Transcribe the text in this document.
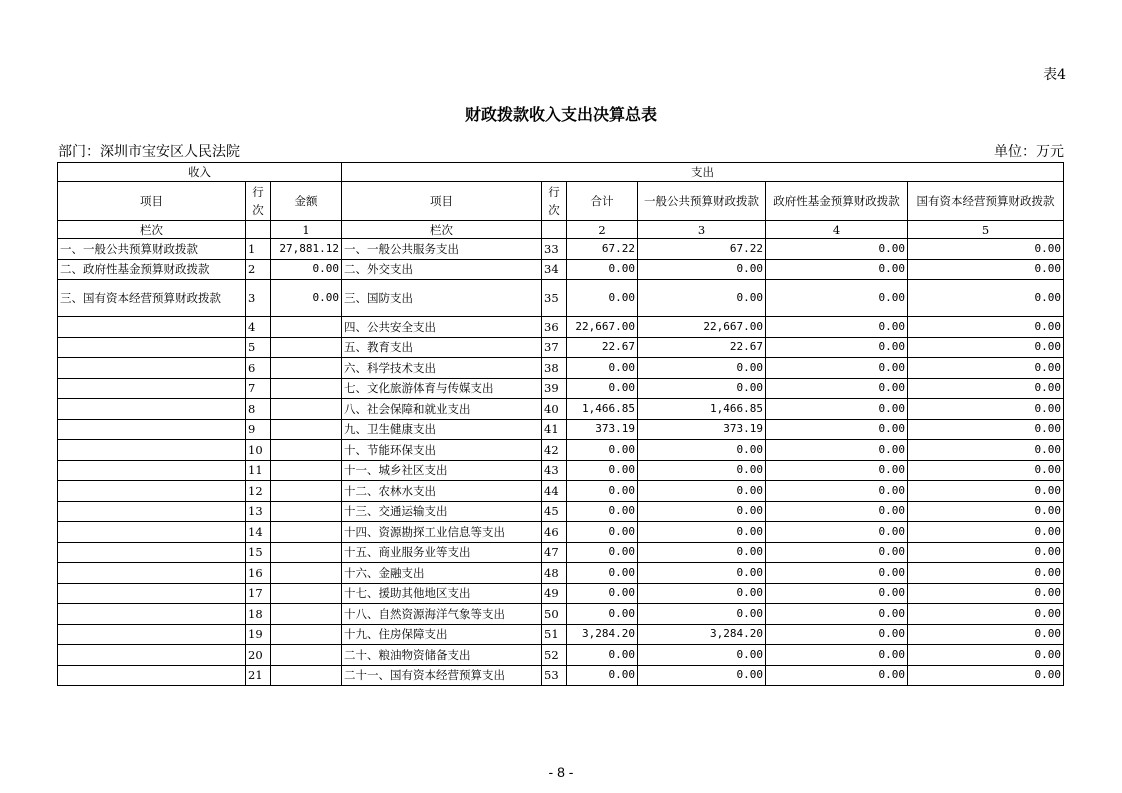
表4
财政拨款收入支出决算总表
部门：深圳市宝安区人民法院	单位：万元
收入			支出					
项目	行次	金额	项目	行次	合计	一般公共预算财政拨款	政府性基金预算财政拨款	国有资本经营预算财政拨款
栏次		1	栏次		2	3	4	5
一、一般公共预算财政拨款	1	27,881.12	一、一般公共服务支出	33	67.22	67.22	0.00	0.00
二、政府性基金预算财政拨款	2	0.00	二、外交支出	34	0.00	0.00	0.00	0.00
三、国有资本经营预算财政拨款	3	0.00	三、国防支出	35	0.00	0.00	0.00	0.00
	4		四、公共安全支出	36	22,667.00	22,667.00	0.00	0.00
	5		五、教育支出	37	22.67	22.67	0.00	0.00
	6		六、科学技术支出	38	0.00	0.00	0.00	0.00
	7		七、文化旅游体育与传媒支出	39	0.00	0.00	0.00	0.00
	8		八、社会保障和就业支出	40	1,466.85	1,466.85	0.00	0.00
	9		九、卫生健康支出	41	373.19	373.19	0.00	0.00
	10		十、节能环保支出	42	0.00	0.00	0.00	0.00
	11		十一、城乡社区支出	43	0.00	0.00	0.00	0.00
	12		十二、农林水支出	44	0.00	0.00	0.00	0.00
	13		十三、交通运输支出	45	0.00	0.00	0.00	0.00
	14		十四、资源勘探工业信息等支出	46	0.00	0.00	0.00	0.00
	15		十五、商业服务业等支出	47	0.00	0.00	0.00	0.00
	16		十六、金融支出	48	0.00	0.00	0.00	0.00
	17		十七、援助其他地区支出	49	0.00	0.00	0.00	0.00
	18		十八、自然资源海洋气象等支出	50	0.00	0.00	0.00	0.00
	19		十九、住房保障支出	51	3,284.20	3,284.20	0.00	0.00
	20		二十、粮油物资储备支出	52	0.00	0.00	0.00	0.00
	21		二十一、国有资本经营预算支出	53	0.00	0.00	0.00	0.00
- 8 -
